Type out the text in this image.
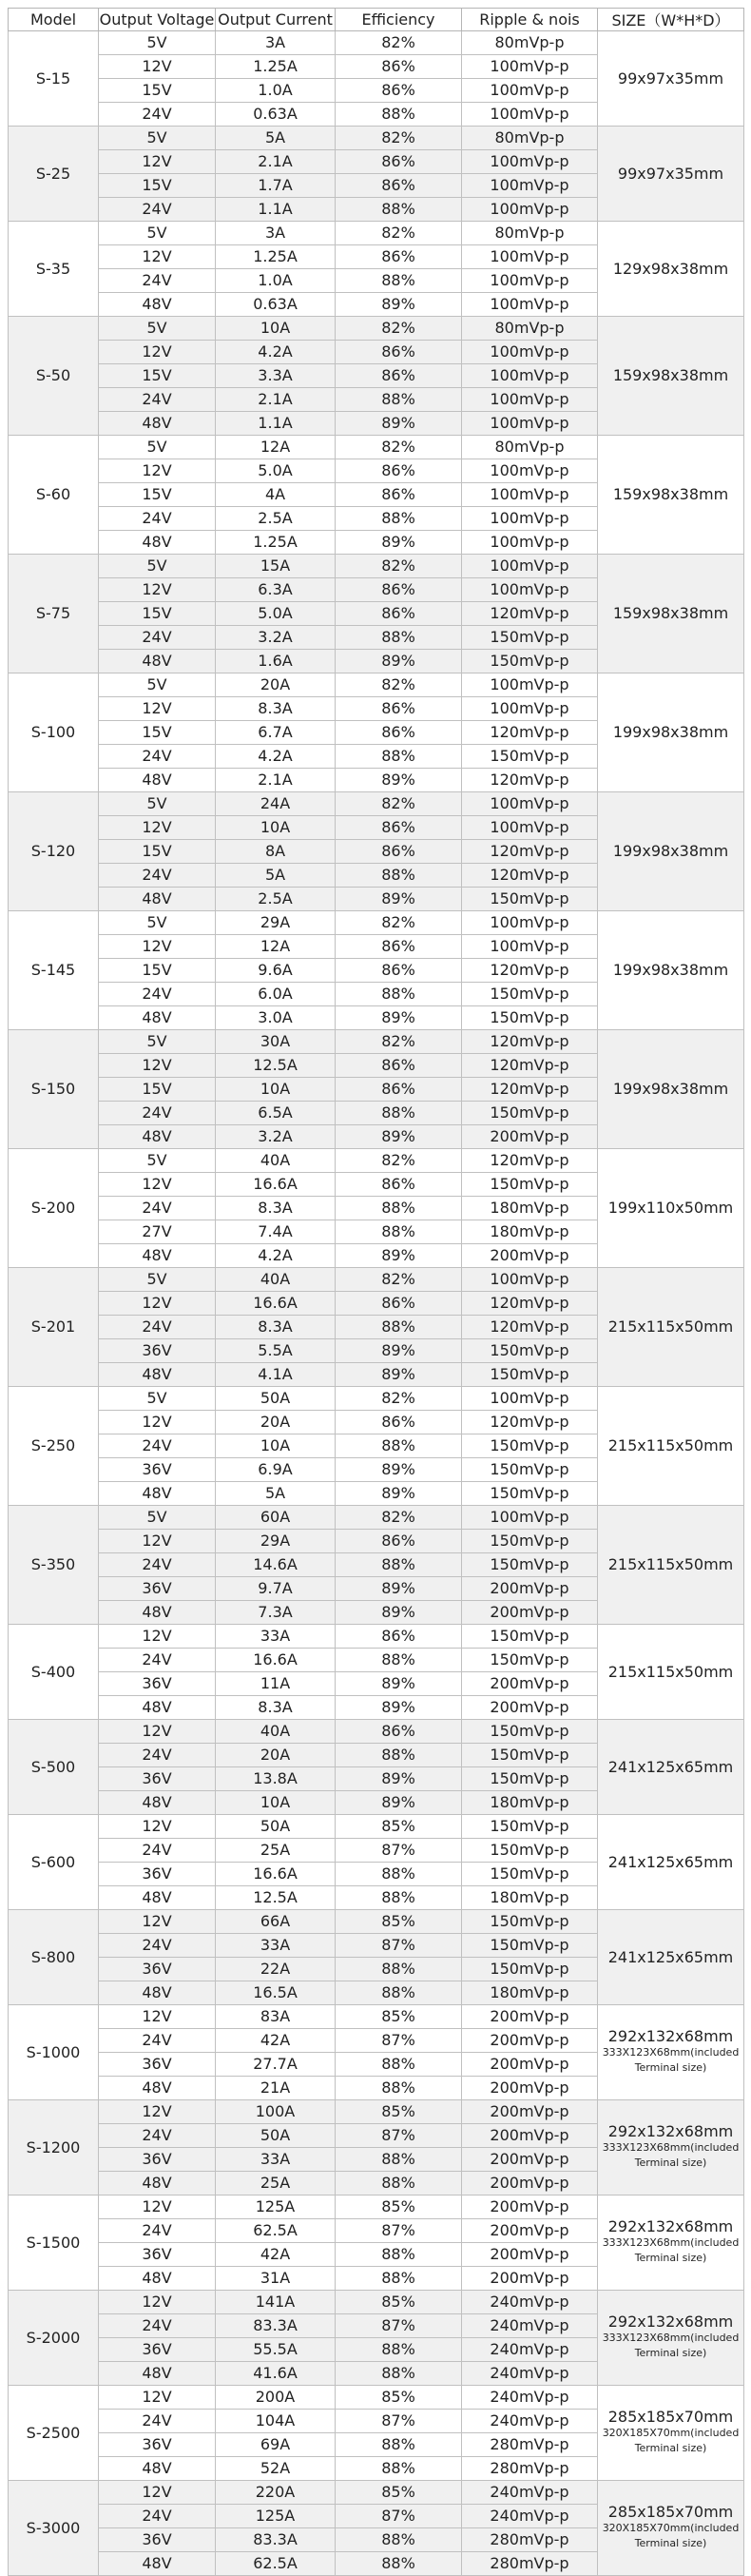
Model	Output Voltage	Output Current	Efficiency	Ripple & nois	SIZE（W*H*D）
S-15	5V	3A	82%	80mVp-p	99x97x35mm

	12V	1.25A	86%	100mVp-p	
	15V	1.0A	86%	100mVp-p	
	24V	0.63A	88%	100mVp-p	
S-25	5V	5A	82%	80mVp-p	99x97x35mm

	12V	2.1A	86%	100mVp-p	
	15V	1.7A	86%	100mVp-p	
	24V	1.1A	88%	100mVp-p	
S-35	5V	3A	82%	80mVp-p	129x98x38mm

	12V	1.25A	86%	100mVp-p	
	24V	1.0A	88%	100mVp-p	
	48V	0.63A	89%	100mVp-p	
S-50	5V	10A	82%	80mVp-p	159x98x38mm

	12V	4.2A	86%	100mVp-p	
	15V	3.3A	86%	100mVp-p	
	24V	2.1A	88%	100mVp-p	
	48V	1.1A	89%	100mVp-p	
S-60	5V	12A	82%	80mVp-p	159x98x38mm

	12V	5.0A	86%	100mVp-p	
	15V	4A	86%	100mVp-p	
	24V	2.5A	88%	100mVp-p	
	48V	1.25A	89%	100mVp-p	
S-75	5V	15A	82%	100mVp-p	159x98x38mm

	12V	6.3A	86%	100mVp-p	
	15V	5.0A	86%	120mVp-p	
	24V	3.2A	88%	150mVp-p	
	48V	1.6A	89%	150mVp-p	
S-100	5V	20A	82%	100mVp-p	199x98x38mm

	12V	8.3A	86%	100mVp-p	
	15V	6.7A	86%	120mVp-p	
	24V	4.2A	88%	150mVp-p	
	48V	2.1A	89%	120mVp-p	
S-120	5V	24A	82%	100mVp-p	199x98x38mm

	12V	10A	86%	100mVp-p	
	15V	8A	86%	120mVp-p	
	24V	5A	88%	120mVp-p	
	48V	2.5A	89%	150mVp-p	
S-145	5V	29A	82%	100mVp-p	199x98x38mm

	12V	12A	86%	100mVp-p	
	15V	9.6A	86%	120mVp-p	
	24V	6.0A	88%	150mVp-p	
	48V	3.0A	89%	150mVp-p	
S-150	5V	30A	82%	120mVp-p	199x98x38mm

	12V	12.5A	86%	120mVp-p	
	15V	10A	86%	120mVp-p	
	24V	6.5A	88%	150mVp-p	
	48V	3.2A	89%	200mVp-p	
S-200	5V	40A	82%	120mVp-p	199x110x50mm

	12V	16.6A	86%	150mVp-p	
	24V	8.3A	88%	180mVp-p	
	27V	7.4A	88%	180mVp-p	
	48V	4.2A	89%	200mVp-p	
S-201	5V	40A	82%	100mVp-p	215x115x50mm

	12V	16.6A	86%	120mVp-p	
	24V	8.3A	88%	120mVp-p	
	36V	5.5A	89%	150mVp-p	
	48V	4.1A	89%	150mVp-p	
S-250	5V	50A	82%	100mVp-p	215x115x50mm

	12V	20A	86%	120mVp-p	
	24V	10A	88%	150mVp-p	
	36V	6.9A	89%	150mVp-p	
	48V	5A	89%	150mVp-p	
S-350	5V	60A	82%	100mVp-p	215x115x50mm

	12V	29A	86%	150mVp-p	
	24V	14.6A	88%	150mVp-p	
	36V	9.7A	89%	200mVp-p	
	48V	7.3A	89%	200mVp-p	
S-400	12V	33A	86%	150mVp-p	215x115x50mm

	24V	16.6A	88%	150mVp-p	
	36V	11A	89%	200mVp-p	
	48V	8.3A	89%	200mVp-p	
S-500	12V	40A	86%	150mVp-p	241x125x65mm

	24V	20A	88%	150mVp-p	
	36V	13.8A	89%	150mVp-p	
	48V	10A	89%	180mVp-p	
S-600	12V	50A	85%	150mVp-p	241x125x65mm

	24V	25A	87%	150mVp-p	
	36V	16.6A	88%	150mVp-p	
	48V	12.5A	88%	180mVp-p	
S-800	12V	66A	85%	150mVp-p	241x125x65mm

	24V	33A	87%	150mVp-p	
	36V	22A	88%	150mVp-p	
	48V	16.5A	88%	180mVp-p	
S-1000	12V	83A	85%	200mVp-p	292x132x68mm
333X123X68mm(included Terminal size)

	24V	42A	87%	200mVp-p	
	36V	27.7A	88%	200mVp-p	
	48V	21A	88%	200mVp-p	
S-1200	12V	100A	85%	200mVp-p	292x132x68mm
333X123X68mm(included Terminal size)

	24V	50A	87%	200mVp-p	
	36V	33A	88%	200mVp-p	
	48V	25A	88%	200mVp-p	
S-1500	12V	125A	85%	200mVp-p	292x132x68mm
333X123X68mm(included Terminal size)

	24V	62.5A	87%	200mVp-p	
	36V	42A	88%	200mVp-p	
	48V	31A	88%	200mVp-p	
S-2000	12V	141A	85%	240mVp-p	292x132x68mm
333X123X68mm(included Terminal size)

	24V	83.3A	87%	240mVp-p	
	36V	55.5A	88%	240mVp-p	
	48V	41.6A	88%	240mVp-p	
S-2500	12V	200A	85%	240mVp-p	285x185x70mm
320X185X70mm(included Terminal size)

	24V	104A	87%	240mVp-p	
	36V	69A	88%	280mVp-p	
	48V	52A	88%	280mVp-p	
S-3000	12V	220A	85%	240mVp-p	285x185x70mm
320X185X70mm(included Terminal size)

	24V	125A	87%	240mVp-p	
	36V	83.3A	88%	280mVp-p	
	48V	62.5A	88%	280mVp-p	
